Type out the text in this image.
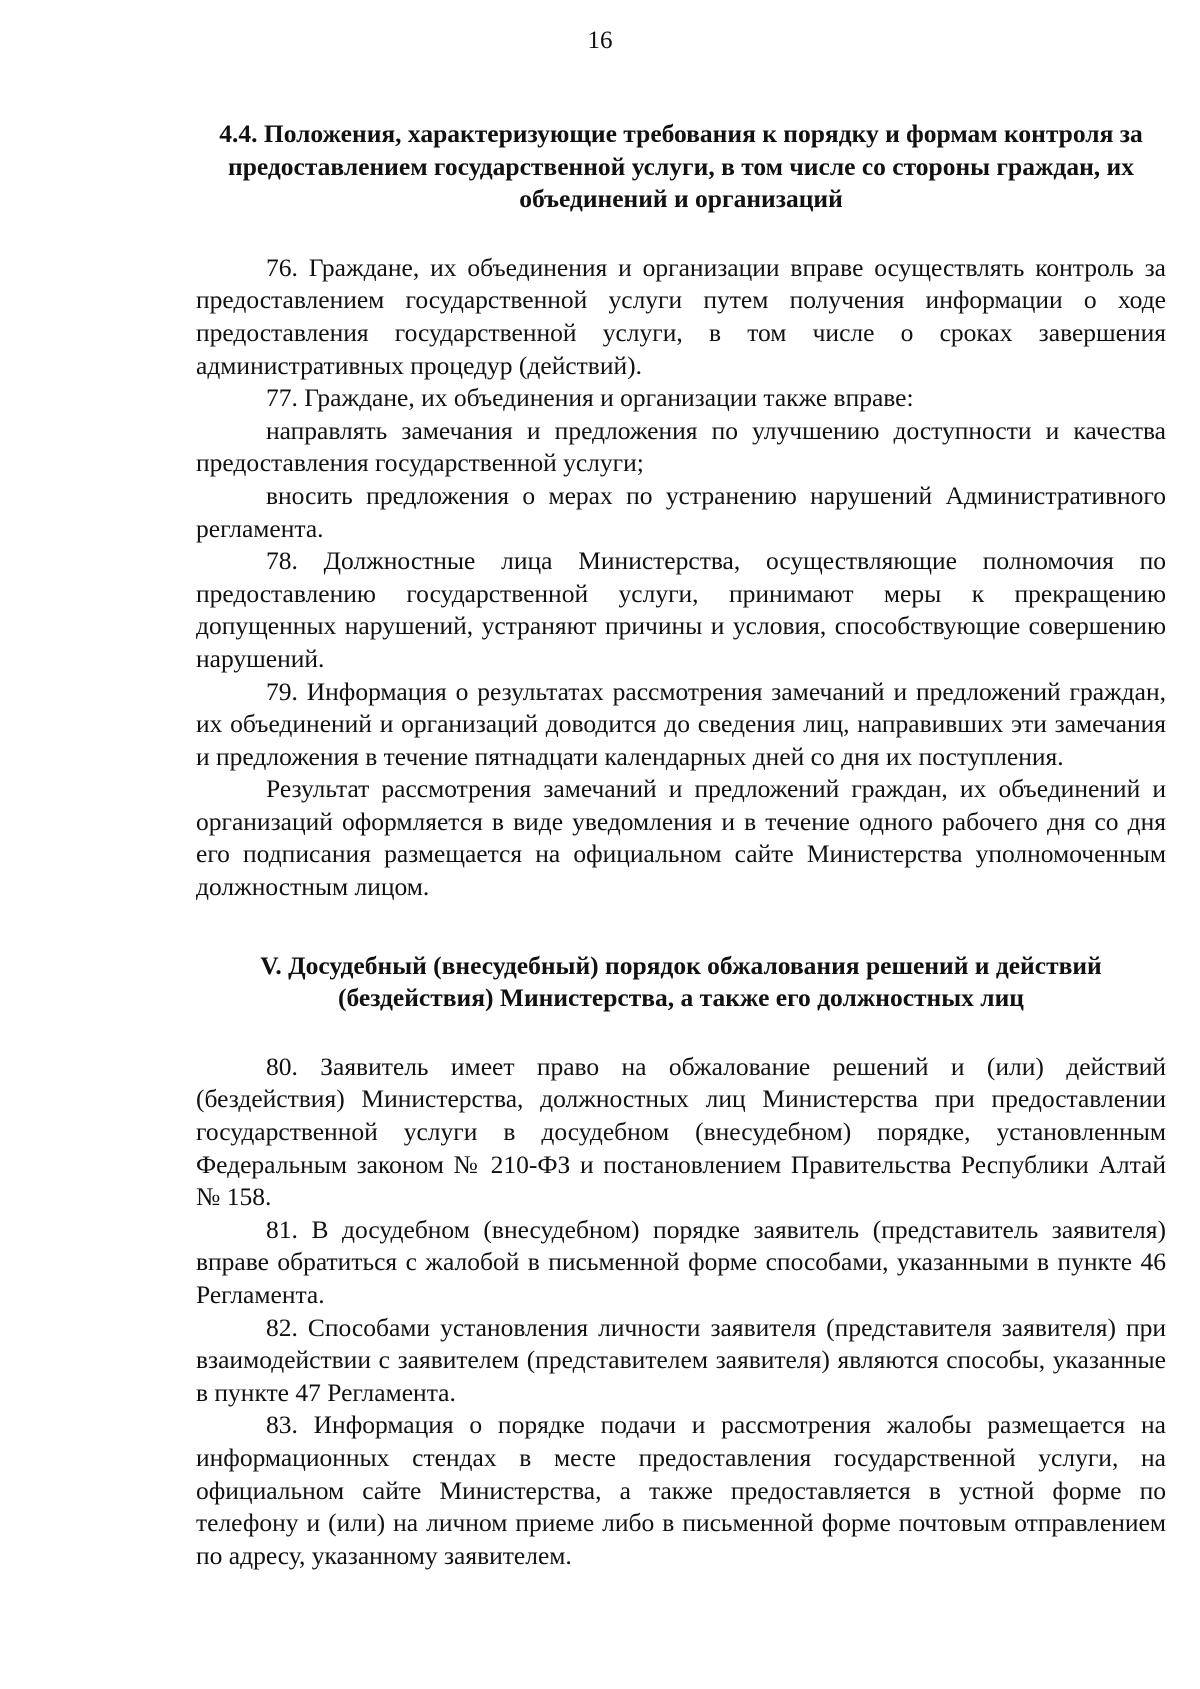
16
4.4. Положения, характеризующие требования к порядку и формам контроля за предоставлением государственной услуги, в том числе со стороны граждан, их объединений и организаций

76. Граждане, их объединения и организации вправе осуществлять контроль за предоставлением государственной услуги путем получения информации о ходе предоставления государственной услуги, в том числе о сроках завершения административных процедур (действий).

77. Граждане, их объединения и организации также вправе:

направлять замечания и предложения по улучшению доступности и качества предоставления государственной услуги;

вносить предложения о мерах по устранению нарушений Административного регламента.

78. Должностные лица Министерства, осуществляющие полномочия по предоставлению государственной услуги, принимают меры к прекращению допущенных нарушений, устраняют причины и условия, способствующие совершению нарушений.

79. Информация о результатах рассмотрения замечаний и предложений граждан, их объединений и организаций доводится до сведения лиц, направивших эти замечания и предложения в течение пятнадцати календарных дней со дня их поступления.

Результат рассмотрения замечаний и предложений граждан, их объединений и организаций оформляется в виде уведомления и в течение одного рабочего дня со дня его подписания размещается на официальном сайте Министерства уполномоченным должностным лицом.

V. Досудебный (внесудебный) порядок обжалования решений и действий (бездействия) Министерства, а также его должностных лиц

80. Заявитель имеет право на обжалование решений и (или) действий (бездействия) Министерства, должностных лиц Министерства при предоставлении государственной услуги в досудебном (внесудебном) порядке, установленным Федеральным законом № 210-ФЗ и постановлением Правительства Республики Алтай № 158.

81. В досудебном (внесудебном) порядке заявитель (представитель заявителя) вправе обратиться с жалобой в письменной форме способами, указанными в пункте 46 Регламента.

82. Способами установления личности заявителя (представителя заявителя) при взаимодействии с заявителем (представителем заявителя) являются способы, указанные в пункте 47 Регламента.

83. Информация о порядке подачи и рассмотрения жалобы размещается на информационных стендах в месте предоставления государственной услуги, на официальном сайте Министерства, а также предоставляется в устной форме по телефону и (или) на личном приеме либо в письменной форме почтовым отправлением по адресу, указанному заявителем.
